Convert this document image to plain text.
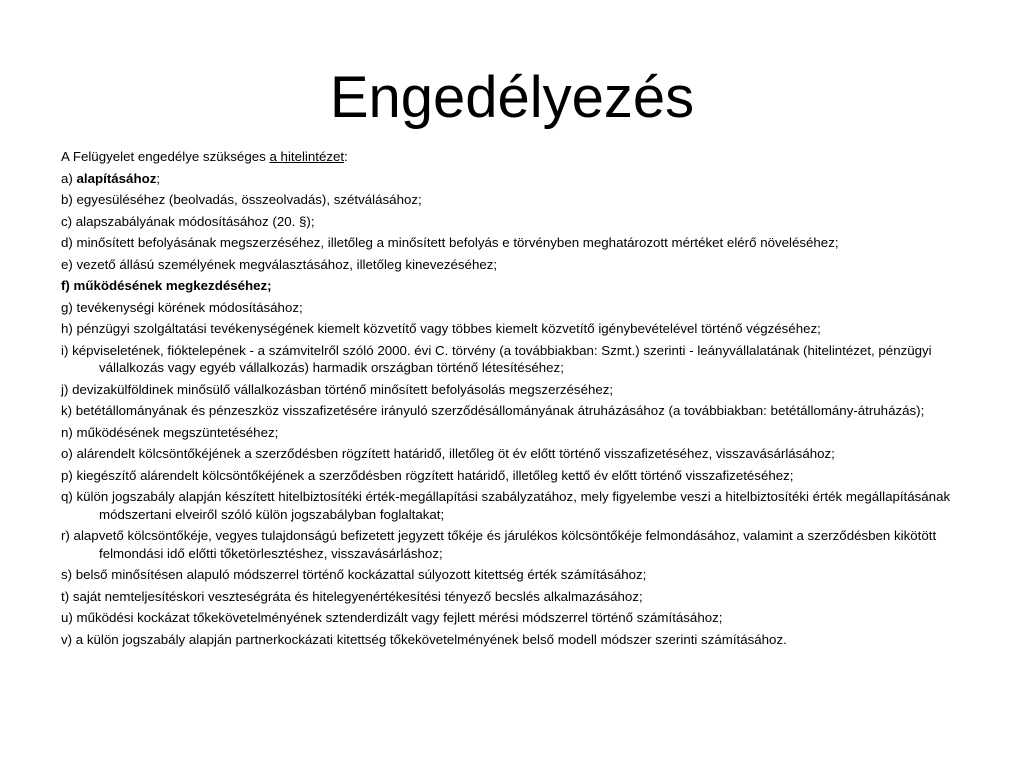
Engedélyezés
A Felügyelet engedélye szükséges a hitelintézet:
a) alapításához;
b) egyesüléséhez (beolvadás, összeolvadás), szétválásához;
c) alapszabályának módosításához (20. §);
d) minősített befolyásának megszerzéséhez, illetőleg a minősített befolyás e törvényben meghatározott mértéket elérő növeléséhez;
e) vezető állású személyének megválasztásához, illetőleg kinevezéséhez;
f) működésének megkezdéséhez;
g) tevékenységi körének módosításához;
h) pénzügyi szolgáltatási tevékenységének kiemelt közvetítő vagy többes kiemelt közvetítő igénybevételével történő végzéséhez;
i) képviseletének, fióktelepének - a számvitelről szóló 2000. évi C. törvény (a továbbiakban: Szmt.) szerinti - leányvállalatának (hitelintézet, pénzügyi vállalkozás vagy egyéb vállalkozás) harmadik országban történő létesítéséhez;
j) devizakülföldinek minősülő vállalkozásban történő minősített befolyásolás megszerzéséhez;
k) betétállományának és pénzeszköz visszafizetésére irányuló szerződésállományának átruházásához (a továbbiakban: betétállomány-átruházás);
n) működésének megszüntetéséhez;
o) alárendelt kölcsöntőkéjének a szerződésben rögzített határidő, illetőleg öt év előtt történő visszafizetéséhez, visszavásárlásához;
p) kiegészítő alárendelt kölcsöntőkéjének a szerződésben rögzített határidő, illetőleg kettő év előtt történő visszafizetéséhez;
q) külön jogszabály alapján készített hitelbiztosítéki érték-megállapítási szabályzatához, mely figyelembe veszi a hitelbiztosítéki érték megállapításának módszertani elveiről szóló külön jogszabályban foglaltakat;
r) alapvető kölcsöntőkéje, vegyes tulajdonságú befizetett jegyzett tőkéje és járulékos kölcsöntőkéje felmondásához, valamint a szerződésben kikötött felmondási idő előtti tőketörlesztéshez, visszavásárláshoz;
s) belső minősítésen alapuló módszerrel történő kockázattal súlyozott kitettség érték számításához;
t) saját nemteljesítéskori veszteségráta és hitelegyenértékesítési tényező becslés alkalmazásához;
u) működési kockázat tőkekövetelményének sztenderdizált vagy fejlett mérési módszerrel történő számításához;
v) a külön jogszabály alapján partnerkockázati kitettség tőkekövetelményének belső modell módszer szerinti számításához.
